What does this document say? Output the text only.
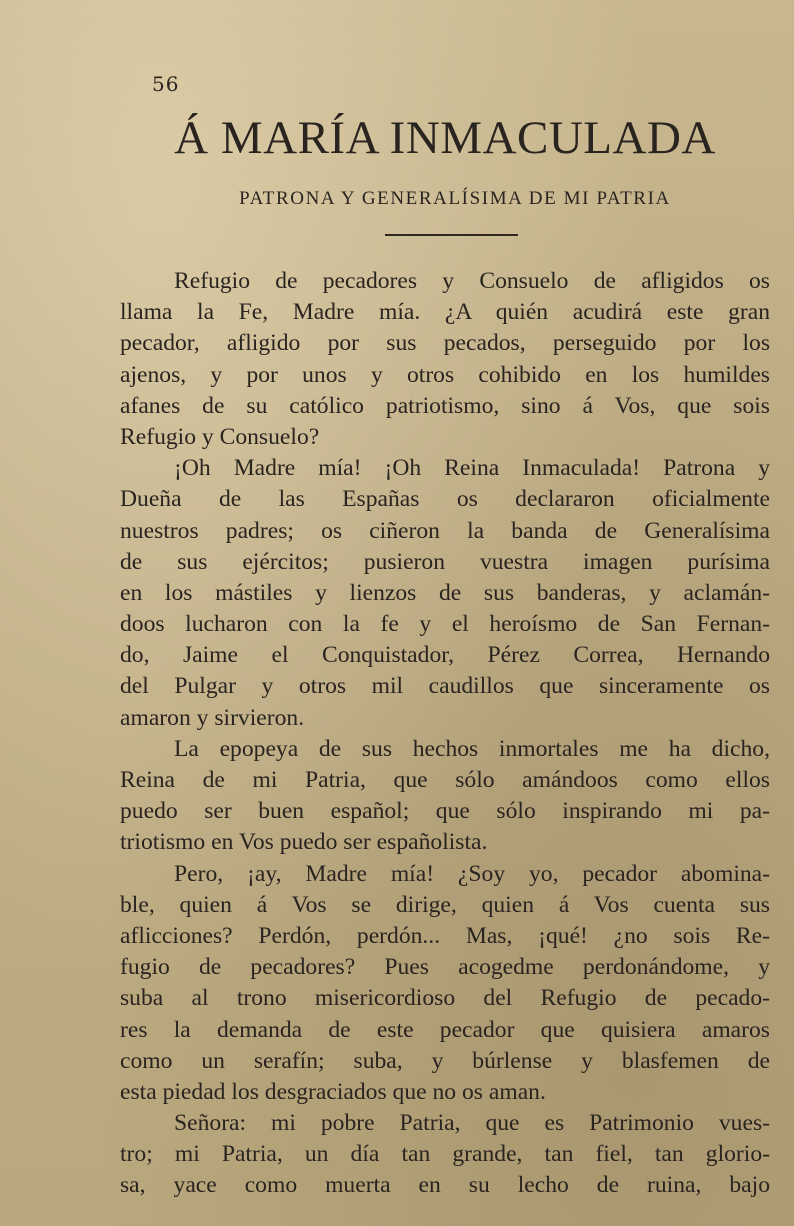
56
Á MARÍA INMACULADA
PATRONA Y GENERALÍSIMA DE MI PATRIA
Refugio de pecadores y Consuelo de afligidos os
llama la Fe, Madre mía. ¿A quién acudirá este gran
pecador, afligido por sus pecados, perseguido por los
ajenos, y por unos y otros cohibido en los humildes
afanes de su católico patriotismo, sino á Vos, que sois
Refugio y Consuelo?
¡Oh Madre mía! ¡Oh Reina Inmaculada! Patrona y
Dueña de las Españas os declararon oficialmente
nuestros padres; os ciñeron la banda de Generalísima
de sus ejércitos; pusieron vuestra imagen purísima
en los mástiles y lienzos de sus banderas, y aclamán-
doos lucharon con la fe y el heroísmo de San Fernan-
do, Jaime el Conquistador, Pérez Correa, Hernando
del Pulgar y otros mil caudillos que sinceramente os
amaron y sirvieron.
La epopeya de sus hechos inmortales me ha dicho,
Reina de mi Patria, que sólo amándoos como ellos
puedo ser buen español; que sólo inspirando mi pa-
triotismo en Vos puedo ser españolista.
Pero, ¡ay, Madre mía! ¿Soy yo, pecador abomina-
ble, quien á Vos se dirige, quien á Vos cuenta sus
aflicciones? Perdón, perdón... Mas, ¡qué! ¿no sois Re-
fugio de pecadores? Pues acogedme perdonándome, y
suba al trono misericordioso del Refugio de pecado-
res la demanda de este pecador que quisiera amaros
como un serafín; suba, y búrlense y blasfemen de
esta piedad los desgraciados que no os aman.
Señora: mi pobre Patria, que es Patrimonio vues-
tro; mi Patria, un día tan grande, tan fiel, tan glorio-
sa, yace como muerta en su lecho de ruina, bajo
